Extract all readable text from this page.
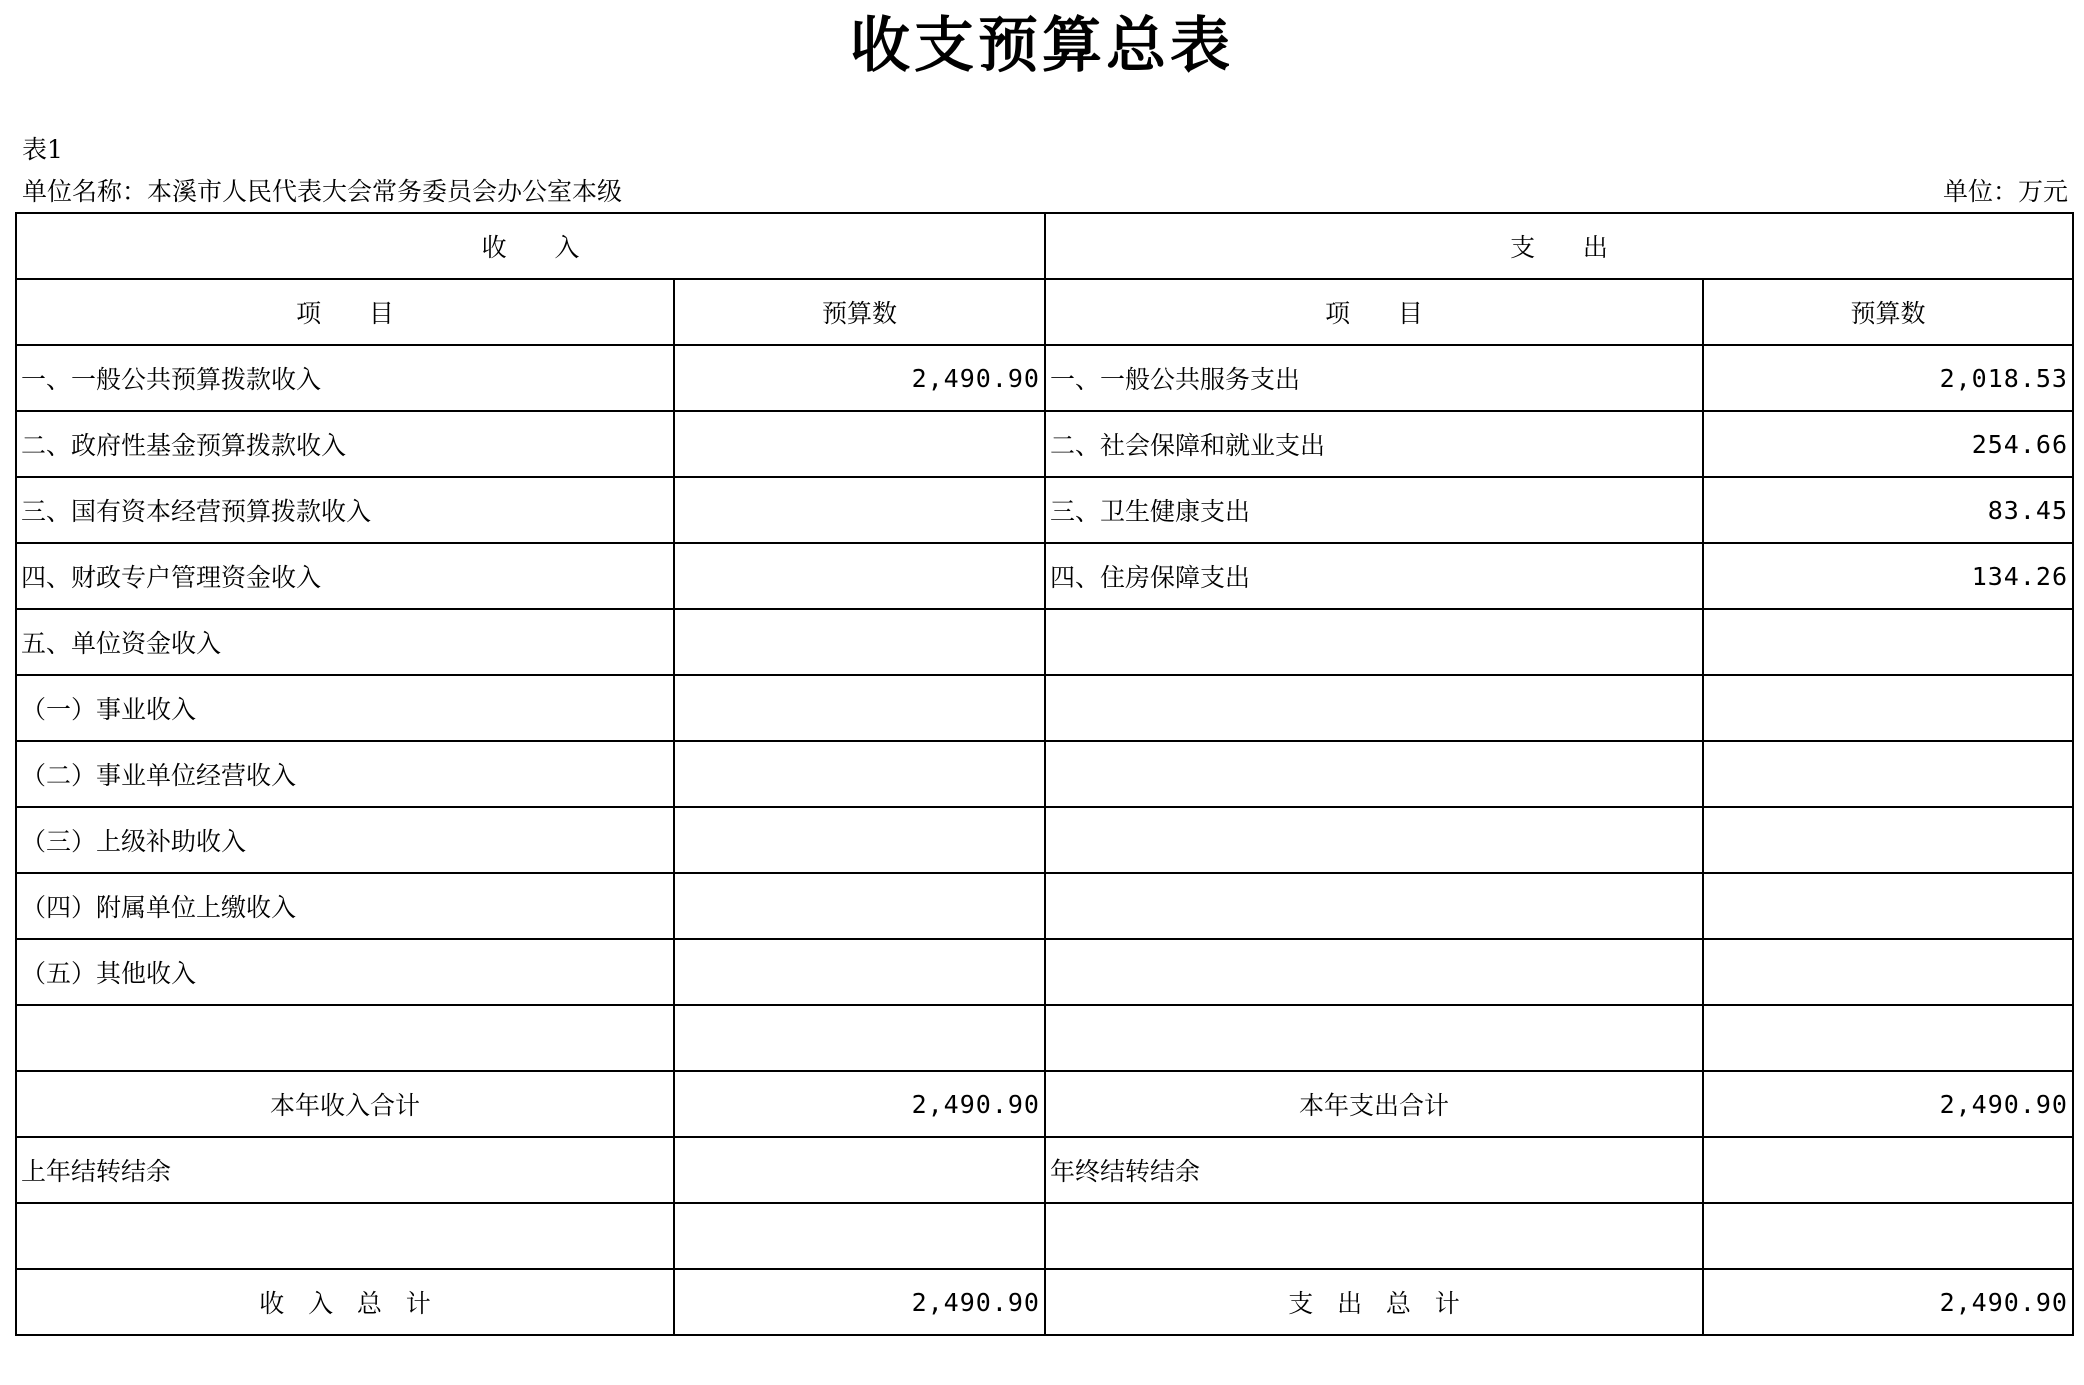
收支预算总表
表1
单位名称：本溪市人民代表大会常务委员会办公室本级	单位：万元
收      入		支      出	
项      目	预算数	项      目	预算数
一、一般公共预算拨款收入	2,490.90	一、一般公共服务支出	2,018.53
二、政府性基金预算拨款收入		二、社会保障和就业支出	254.66
三、国有资本经营预算拨款收入		三、卫生健康支出	83.45
四、财政专户管理资金收入		四、住房保障支出	134.26
五、单位资金收入			
（一）事业收入			
（二）事业单位经营收入			
（三）上级补助收入			
（四）附属单位上缴收入			
（五）其他收入			

本年收入合计	2,490.90	本年支出合计	2,490.90
上年结转结余		年终结转结余	

收   入   总   计	2,490.90	支   出   总   计	2,490.90
